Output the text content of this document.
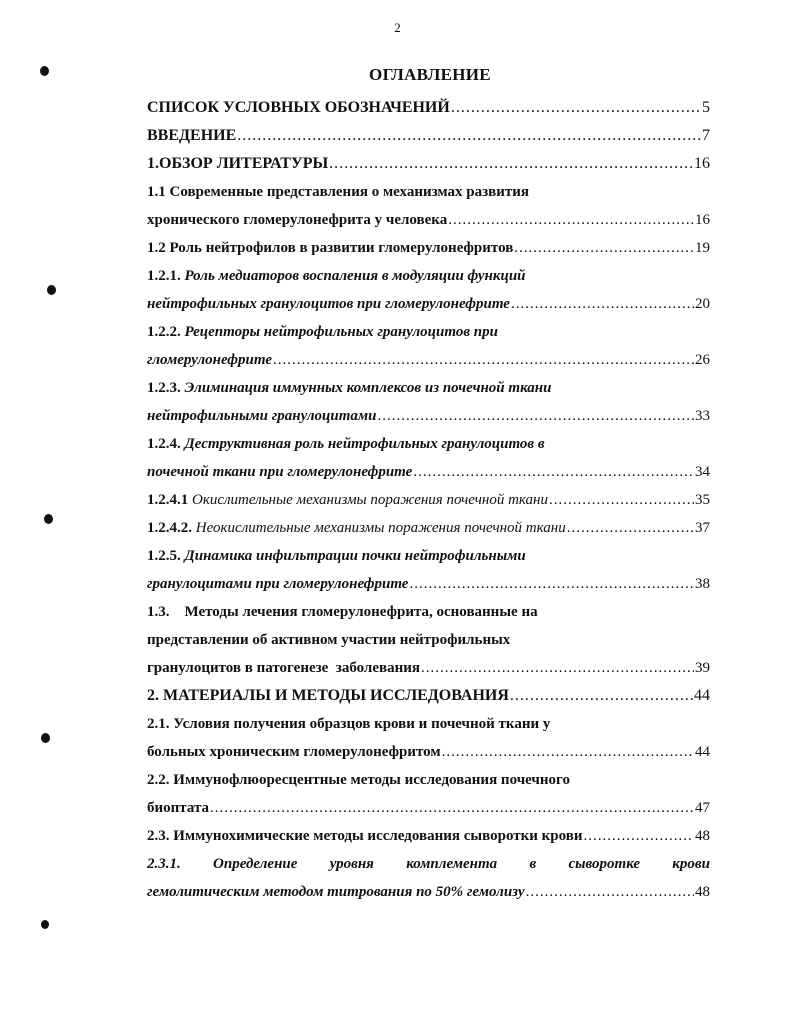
2
ОГЛАВЛЕНИЕ
СПИСОК УСЛОВНЫХ ОБОЗНАЧЕНИЙ .....	5
ВВЕДЕНИЕ .....	7
1.ОБЗОР ЛИТЕРАТУРЫ .....	16
1.1 Современные представления о механизмах развития
хронического гломерулонефрита у человека .....	16
1.2 Роль нейтрофилов в развитии гломерулонефритов .....	19
1.2.1.
Роль медиаторов воспаления в модуляции функций
нейтрофильных гранулоцитов при гломерулонефрите .....	20
1.2.2.
Рецепторы нейтрофильных гранулоцитов при
гломерулонефрите .....	26
1.2.3.
Элиминация иммунных комплексов из почечной ткани
нейтрофильными гранулоцитами .....	33
1.2.4.
Деструктивная роль нейтрофильных гранулоцитов в
почечной ткани при гломерулонефрите .....	34
1.2.4.1
Окислительные механизмы поражения почечной ткани .....	35
1.2.4.2.
Неокислительные механизмы поражения почечной ткани .....	37
1.2.5.
Динамика инфильтрации почки нейтрофильными
гранулоцитами при гломерулонефрите .....	38
1.3.    Методы лечения гломерулонефрита, основанные на
представлении об активном участии нейтрофильных
гранулоцитов в патогенезе  заболевания .....	39
2. МАТЕРИАЛЫ И МЕТОДЫ ИССЛЕДОВАНИЯ .....	44
2.1. Условия получения образцов крови и почечной ткани у
больных хроническим гломерулонефритом .....	44
2.2. Иммунофлюоресцентные методы исследования почечного
биоптата .....	47
2.3. Иммунохимические методы исследования сыворотки крови .....	48
2.3.1. Определение уровня комплемента в сыворотке крови
гемолитическим методом титрования по 50% гемолизу .....	48
